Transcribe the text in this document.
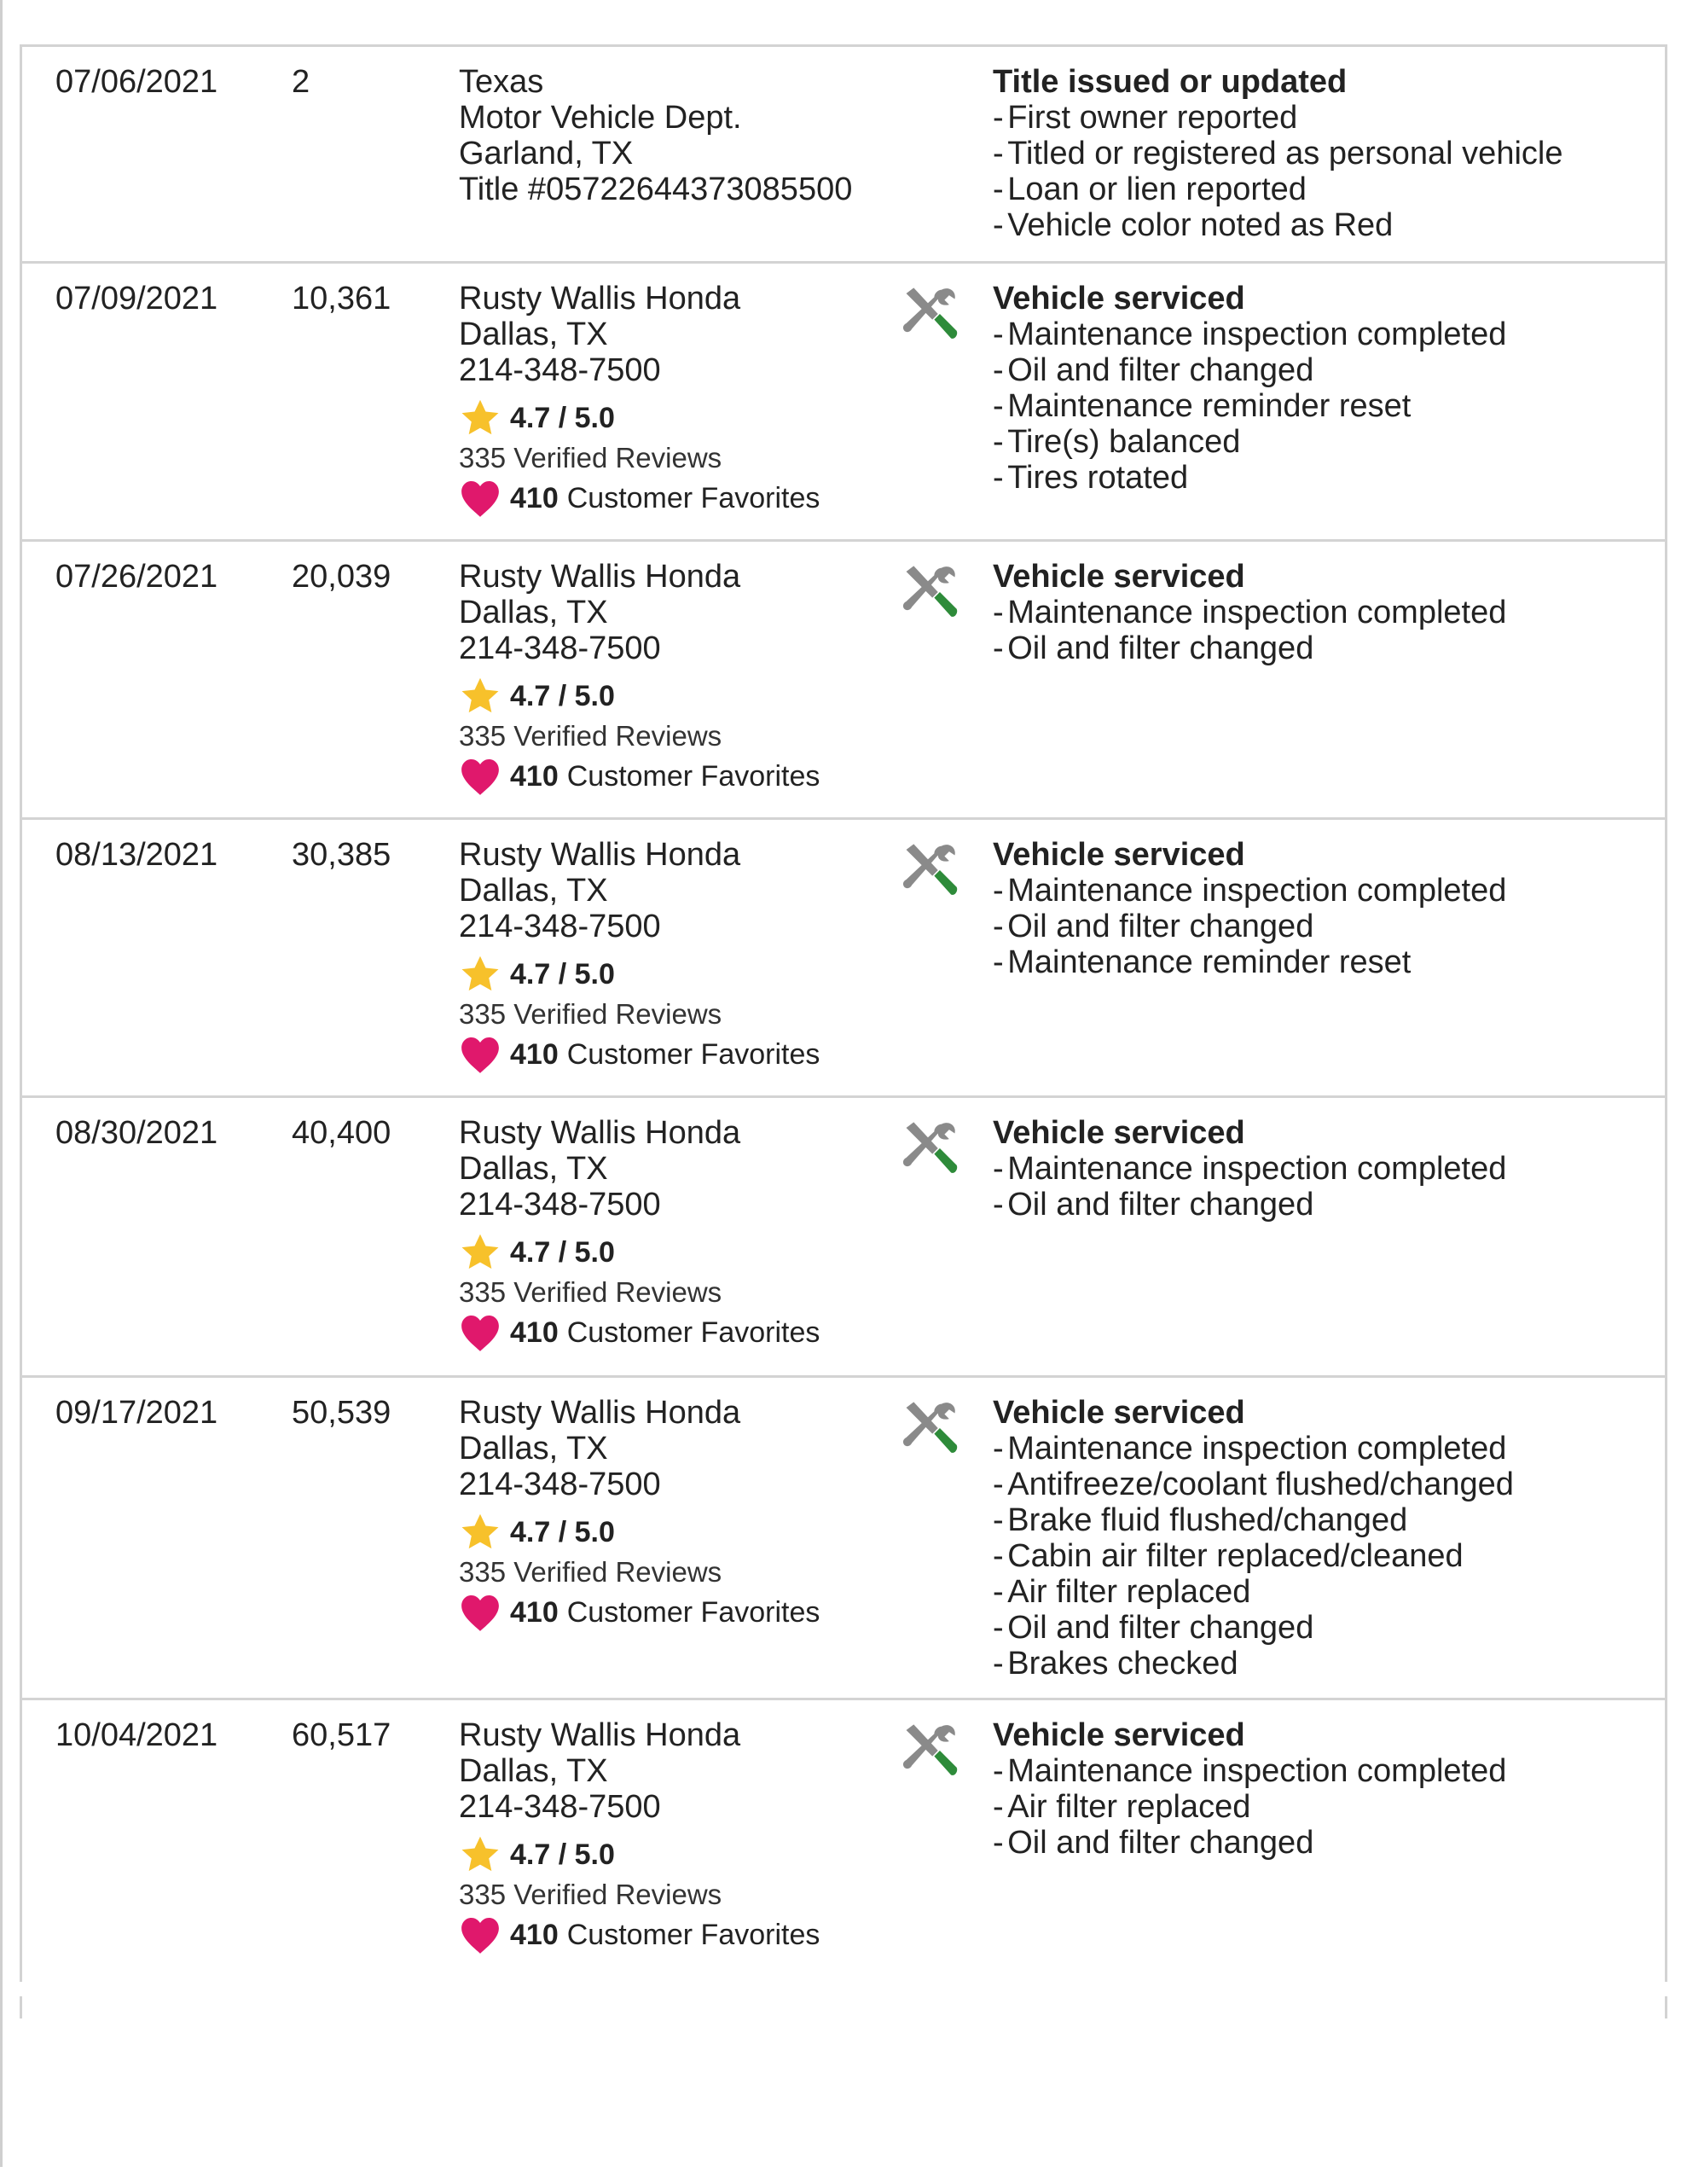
07/06/2021 2	Texas
Motor Vehicle Dept.
Garland, TX
Title #05722644373085500
Title issued or updated
- First owner reported
- Titled or registered as personal vehicle
- Loan or lien reported
- Vehicle color noted as Red
07/09/2021 10,361 Rusty Wallis Honda
Dallas, TX
214-348-7500
4.7 / 5.0
335 Verified Reviews
410 Customer Favorites
Vehicle serviced
- Maintenance inspection completed
- Oil and filter changed
- Maintenance reminder reset
- Tire(s) balanced
- Tires rotated
07/26/2021 20,039 Rusty Wallis Honda
Dallas, TX
214-348-7500
4.7 / 5.0
335 Verified Reviews
410 Customer Favorites
Vehicle serviced
- Maintenance inspection completed
- Oil and filter changed
08/13/2021 30,385 Rusty Wallis Honda
Dallas, TX
214-348-7500
4.7 / 5.0
335 Verified Reviews
410 Customer Favorites
Vehicle serviced
- Maintenance inspection completed
- Oil and filter changed
- Maintenance reminder reset
08/30/2021 40,400 Rusty Wallis Honda
Dallas, TX
214-348-7500
4.7 / 5.0
335 Verified Reviews
410 Customer Favorites
Vehicle serviced
- Maintenance inspection completed
- Oil and filter changed
09/17/2021 50,539 Rusty Wallis Honda
Dallas, TX
214-348-7500
4.7 / 5.0
335 Verified Reviews
410 Customer Favorites
Vehicle serviced
- Maintenance inspection completed
- Antifreeze/coolant flushed/changed
- Brake fluid flushed/changed
- Cabin air filter replaced/cleaned
- Air filter replaced
- Oil and filter changed
- Brakes checked
10/04/2021 60,517 Rusty Wallis Honda
Dallas, TX
214-348-7500
4.7 / 5.0
335 Verified Reviews
410 Customer Favorites
Vehicle serviced
- Maintenance inspection completed
- Air filter replaced
- Oil and filter changed
